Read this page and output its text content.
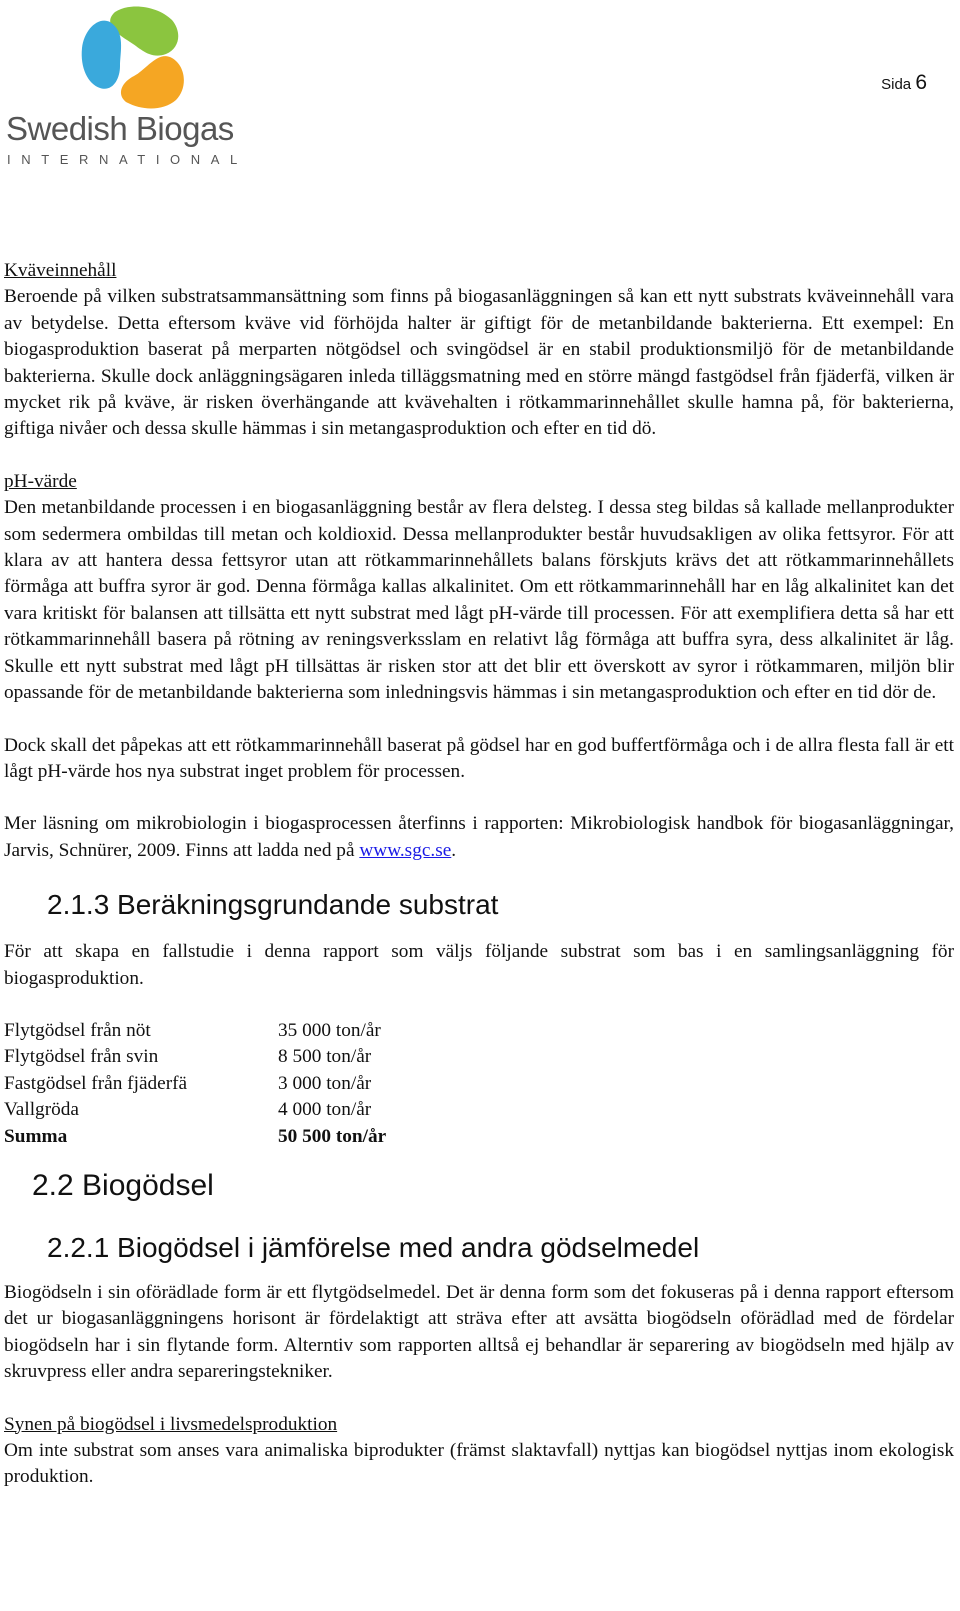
Swedish Biogas
INTERNATIONAL
Sida 6

Kväveinnehåll

Beroende på vilken substratsammansättning som finns på biogasanläggningen så kan ett nytt substrats kväveinnehåll vara av betydelse. Detta eftersom kväve vid förhöjda halter är giftigt för de metanbildande bakterierna. Ett exempel: En biogasproduktion baserat på merparten nötgödsel och svingödsel är en stabil produktionsmiljö för de metanbildande bakterierna. Skulle dock anläggningsägaren inleda tilläggsmatning med en större mängd fastgödsel från fjäderfä, vilken är mycket rik på kväve, är risken överhängande att kvävehalten i rötkammarinnehållet skulle hamna på, för bakterierna, giftiga nivåer och dessa skulle hämmas i sin metangasproduktion och efter en tid dö.

pH-värde

Den metanbildande processen i en biogasanläggning består av flera delsteg. I dessa steg bildas så kallade mellanprodukter som sedermera ombildas till metan och koldioxid. Dessa mellanprodukter består huvudsakligen av olika fettsyror. För att klara av att hantera dessa fettsyror utan att rötkammarinnehållets balans förskjuts krävs det att rötkammarinnehållets förmåga att buffra syror är god. Denna förmåga kallas alkalinitet. Om ett rötkammarinnehåll har en låg alkalinitet kan det vara kritiskt för balansen att tillsätta ett nytt substrat med lågt pH-värde till processen. För att exemplifiera detta så har ett rötkammarinnehåll basera på rötning av reningsverksslam en relativt låg förmåga att buffra syra, dess alkalinitet är låg. Skulle ett nytt substrat med lågt pH tillsättas är risken stor att det blir ett överskott av syror i rötkammaren, miljön blir opassande för de metanbildande bakterierna som inledningsvis hämmas i sin metangasproduktion och efter en tid dör de.

Dock skall det påpekas att ett rötkammarinnehåll baserat på gödsel har en god buffertförmåga och i de allra flesta fall är ett lågt pH-värde hos nya substrat inget problem för processen.

Mer läsning om mikrobiologin i biogasprocessen återfinns i rapporten: Mikrobiologisk handbok för biogasanläggningar, Jarvis, Schnürer, 2009. Finns att ladda ned på www.sgc.se.

2.1.3 Beräkningsgrundande substrat

För att skapa en fallstudie i denna rapport som väljs följande substrat som bas i en samlingsanläggning för biogasproduktion.

Flytgödsel från nöt	35 000 ton/år
Flytgödsel från svin	8 500 ton/år
Fastgödsel från fjäderfä	3 000 ton/år
Vallgröda	4 000 ton/år
Summa	50 500 ton/år
2.2 Biogödsel
2.2.1 Biogödsel i jämförelse med andra gödselmedel

Biogödseln i sin oförädlade form är ett flytgödselmedel. Det är denna form som det fokuseras på i denna rapport eftersom det ur biogasanläggningens horisont är fördelaktigt att sträva efter att avsätta biogödseln oförädlad med de fördelar biogödseln har i sin flytande form. Alterntiv som rapporten alltså ej behandlar är separering av biogödseln med hjälp av skruvpress eller andra separeringstekniker.

Synen på biogödsel i livsmedelsproduktion

Om inte substrat som anses vara animaliska biprodukter (främst slaktavfall) nyttjas kan biogödsel nyttjas inom ekologisk produktion.
